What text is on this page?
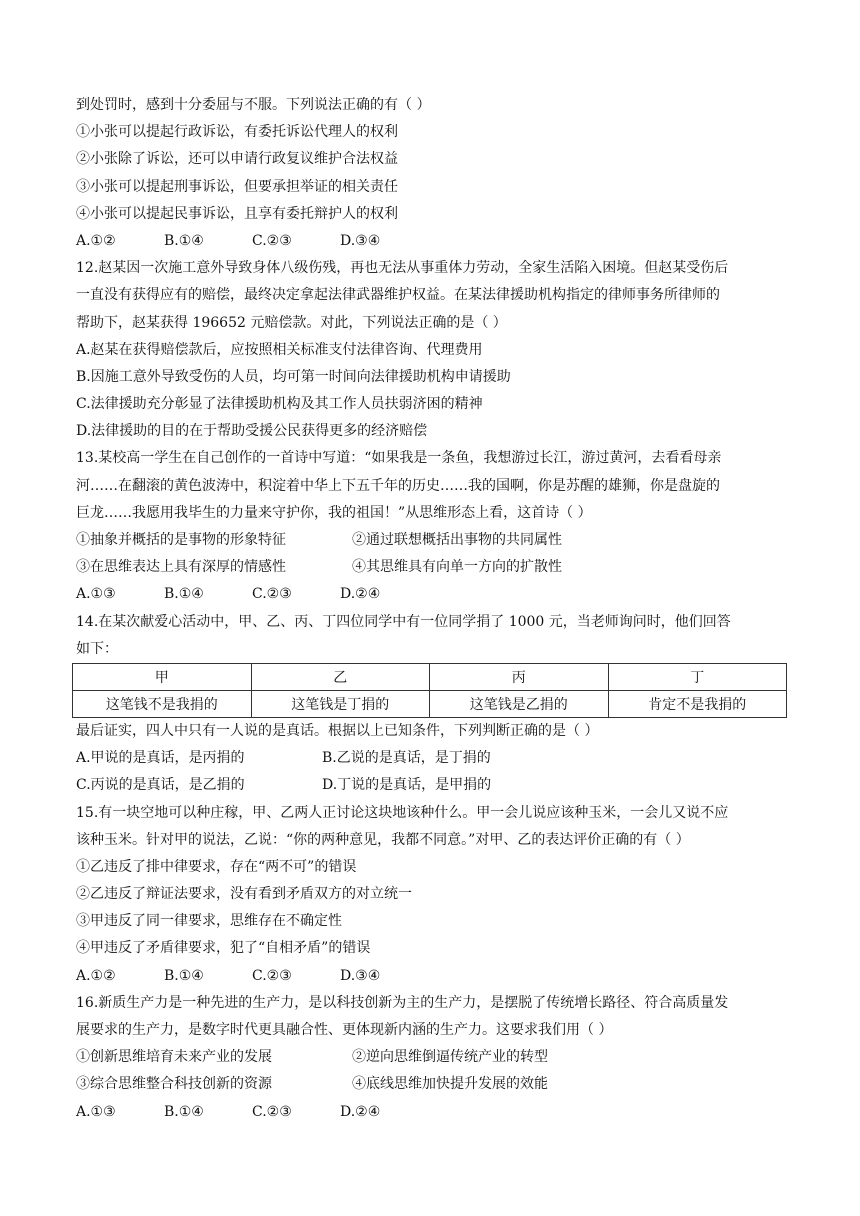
到处罚时，感到十分委屈与不服。下列说法正确的有（ ）
①小张可以提起行政诉讼，有委托诉讼代理人的权利
②小张除了诉讼，还可以申请行政复议维护合法权益
③小张可以提起刑事诉讼，但要承担举证的相关责任
④小张可以提起民事诉讼，且享有委托辩护人的权利
A.①②	B.①④	C.②③	D.③④
12.赵某因一次施工意外导致身体八级伤残，再也无法从事重体力劳动，全家生活陷入困境。但赵某受伤后
一直没有获得应有的赔偿，最终决定拿起法律武器维护权益。在某法律援助机构指定的律师事务所律师的
帮助下，赵某获得 196652 元赔偿款。对此，下列说法正确的是（ ）
A.赵某在获得赔偿款后，应按照相关标准支付法律咨询、代理费用
B.因施工意外导致受伤的人员，均可第一时间向法律援助机构申请援助
C.法律援助充分彰显了法律援助机构及其工作人员扶弱济困的精神
D.法律援助的目的在于帮助受援公民获得更多的经济赔偿
13.某校高一学生在自己创作的一首诗中写道：“如果我是一条鱼，我想游过长江，游过黄河，去看看母亲
河……在翻滚的黄色波涛中，积淀着中华上下五千年的历史……我的国啊，你是苏醒的雄狮，你是盘旋的
巨龙……我愿用我毕生的力量来守护你，我的祖国！”从思维形态上看，这首诗（ ）
①抽象并概括的是事物的形象特征	②通过联想概括出事物的共同属性
③在思维表达上具有深厚的情感性	④其思维具有向单一方向的扩散性
A.①③	B.①④	C.②③	D.②④
14.在某次献爱心活动中，甲、乙、丙、丁四位同学中有一位同学捐了 1000 元，当老师询问时，他们回答
如下：
甲	乙	丙	丁
这笔钱不是我捐的	这笔钱是丁捐的	这笔钱是乙捐的	肯定不是我捐的
最后证实，四人中只有一人说的是真话。根据以上已知条件，下列判断正确的是（ ）
A.甲说的是真话，是丙捐的	B.乙说的是真话，是丁捐的
C.丙说的是真话，是乙捐的	D.丁说的是真话，是甲捐的
15.有一块空地可以种庄稼，甲、乙两人正讨论这块地该种什么。甲一会儿说应该种玉米，一会儿又说不应
该种玉米。针对甲的说法，乙说：“你的两种意见，我都不同意。”对甲、乙的表达评价正确的有（ ）
①乙违反了排中律要求，存在“两不可”的错误
②乙违反了辩证法要求，没有看到矛盾双方的对立统一
③甲违反了同一律要求，思维存在不确定性
④甲违反了矛盾律要求，犯了“自相矛盾”的错误
A.①②	B.①④	C.②③	D.③④
16.新质生产力是一种先进的生产力，是以科技创新为主的生产力，是摆脱了传统增长路径、符合高质量发
展要求的生产力，是数字时代更具融合性、更体现新内涵的生产力。这要求我们用（ ）
①创新思维培育未来产业的发展	②逆向思维倒逼传统产业的转型
③综合思维整合科技创新的资源	④底线思维加快提升发展的效能
A.①③	B.①④	C.②③	D.②④
